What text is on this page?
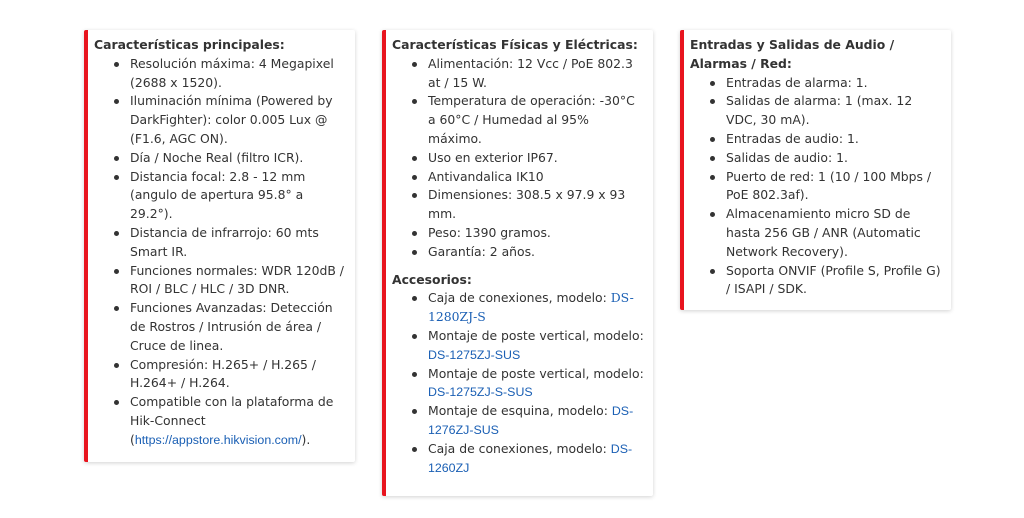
Características principales:
Resolución máxima: 4 Megapixel (2688 x 1520).
Iluminación mínima (Powered by DarkFighter): color 0.005 Lux @ (F1.6, AGC ON).
Día / Noche Real (filtro ICR).
Distancia focal: 2.8 - 12 mm (angulo de apertura 95.8° a 29.2°).
Distancia de infrarrojo: 60 mts Smart IR.
Funciones normales: WDR 120dB / ROI / BLC / HLC / 3D DNR.
Funciones Avanzadas: Detección de Rostros / Intrusión de área / Cruce de linea.
Compresión: H.265+ / H.265 / H.264+ / H.264.
Compatible con la plataforma de Hik-Connect (https://appstore.hikvision.com/).
Características Físicas y Eléctricas:
Alimentación: 12 Vcc / PoE 802.3 at / 15 W.
Temperatura de operación: -30°C a 60°C / Humedad al 95% máximo.
Uso en exterior IP67.
Antivandalica IK10
Dimensiones: 308.5 x 97.9 x 93 mm.
Peso: 1390 gramos.
Garantía: 2 años.
Accesorios:
Caja de conexiones, modelo: DS-1280ZJ-S
Montaje de poste vertical, modelo: DS-1275ZJ-SUS
Montaje de poste vertical, modelo: DS-1275ZJ-S-SUS
Montaje de esquina, modelo: DS-1276ZJ-SUS
Caja de conexiones, modelo: DS-1260ZJ
Entradas y Salidas de Audio / Alarmas / Red:
Entradas de alarma: 1.
Salidas de alarma: 1 (max. 12 VDC, 30 mA).
Entradas de audio: 1.
Salidas de audio: 1.
Puerto de red: 1 (10 / 100 Mbps / PoE 802.3af).
Almacenamiento micro SD de hasta 256 GB / ANR (Automatic Network Recovery).
Soporta ONVIF (Profile S, Profile G) / ISAPI / SDK.
